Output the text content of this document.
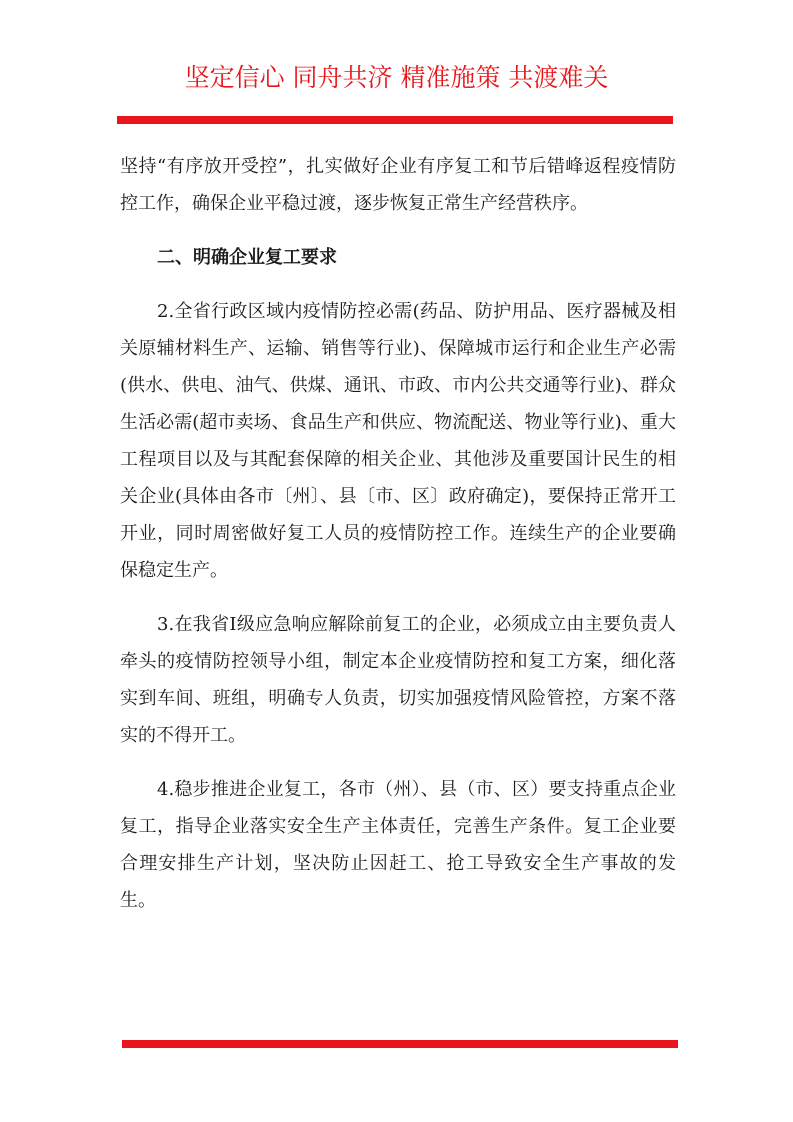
坚定信心 同舟共济 精准施策 共渡难关

坚持“有序放开受控”，扎实做好企业有序复工和节后错峰返程疫情防控工作，确保企业平稳过渡，逐步恢复正常生产经营秩序。

二、明确企业复工要求

2.全省行政区域内疫情防控必需(药品、防护用品、医疗器械及相关原辅材料生产、运输、销售等行业)、保障城市运行和企业生产必需(供水、供电、油气、供煤、通讯、市政、市内公共交通等行业)、群众生活必需(超市卖场、食品生产和供应、物流配送、物业等行业)、重大工程项目以及与其配套保障的相关企业、其他涉及重要国计民生的相关企业(具体由各市〔州〕、县〔市、区〕政府确定)，要保持正常开工开业，同时周密做好复工人员的疫情防控工作。连续生产的企业要确保稳定生产。

3.在我省Ⅰ级应急响应解除前复工的企业，必须成立由主要负责人牵头的疫情防控领导小组，制定本企业疫情防控和复工方案，细化落实到车间、班组，明确专人负责，切实加强疫情风险管控，方案不落实的不得开工。

4.稳步推进企业复工，各市（州）、县（市、区）要支持重点企业复工，指导企业落实安全生产主体责任，完善生产条件。复工企业要合理安排生产计划，坚决防止因赶工、抢工导致安全生产事故的发生。
